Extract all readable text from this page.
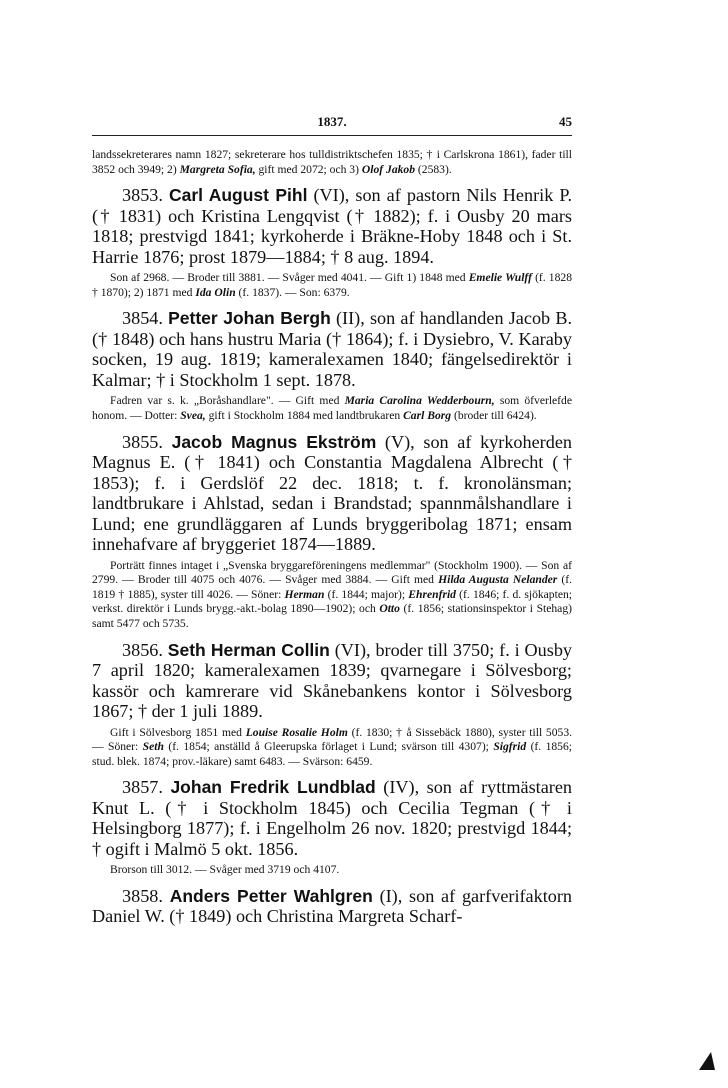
1837.	45

landssekreterares namn 1827; sekreterare hos tulldistriktschefen 1835; † i Carlskrona 1861), fader till 3852 och 3949; 2) Margreta Sofia, gift med 2072; och 3) Olof Jakob (2583).

3853. Carl August Pihl (VI), son af pastorn Nils Henrik P. († 1831) och Kristina Lengqvist († 1882); f. i Ousby 20 mars 1818; prestvigd 1841; kyrkoherde i Bräkne-Hoby 1848 och i St. Harrie 1876; prost 1879—1884; † 8 aug. 1894.

Son af 2968. — Broder till 3881. — Svåger med 4041. — Gift 1) 1848 med Emelie Wulff (f. 1828 † 1870); 2) 1871 med Ida Olin (f. 1837). — Son: 6379.

3854. Petter Johan Bergh (II), son af handlanden Jacob B. († 1848) och hans hustru Maria († 1864); f. i Dysiebro, V. Karaby socken, 19 aug. 1819; kameralexamen 1840; fängelsedirektör i Kalmar; † i Stockholm 1 sept. 1878.

Fadren var s. k. „Boråshandlare". — Gift med Maria Carolina Wedderbourn, som öfverlefde honom. — Dotter: Svea, gift i Stockholm 1884 med landtbrukaren Carl Borg (broder till 6424).

3855. Jacob Magnus Ekström (V), son af kyrkoherden Magnus E. († 1841) och Constantia Magdalena Albrecht († 1853); f. i Gerdslöf 22 dec. 1818; t. f. kronolänsman; landtbrukare i Ahlstad, sedan i Brandstad; spannmålshandlare i Lund; ene grundläggaren af Lunds bryggeribolag 1871; ensam innehafvare af bryggeriet 1874—1889.

Porträtt finnes intaget i „Svenska bryggareföreningens medlemmar" (Stockholm 1900). — Son af 2799. — Broder till 4075 och 4076. — Svåger med 3884. — Gift med Hilda Augusta Nelander (f. 1819 † 1885), syster till 4026. — Söner: Herman (f. 1844; major); Ehrenfrid (f. 1846; f. d. sjökapten; verkst. direktör i Lunds brygg.-akt.-bolag 1890—1902); och Otto (f. 1856; stationsinspektor i Stehag) samt 5477 och 5735.

3856. Seth Herman Collin (VI), broder till 3750; f. i Ousby 7 april 1820; kameralexamen 1839; qvarnegare i Sölvesborg; kassör och kamrerare vid Skånebankens kontor i Sölvesborg 1867; † der 1 juli 1889.

Gift i Sölvesborg 1851 med Louise Rosalie Holm (f. 1830; † å Sissebäck 1880), syster till 5053. — Söner: Seth (f. 1854; anställd å Gleerupska förlaget i Lund; svärson till 4307); Sigfrid (f. 1856; stud. blek. 1874; prov.-läkare) samt 6483. — Svärson: 6459.

3857. Johan Fredrik Lundblad (IV), son af ryttmästaren Knut L. († i Stockholm 1845) och Cecilia Tegman († i Helsingborg 1877); f. i Engelholm 26 nov. 1820; prestvigd 1844; † ogift i Malmö 5 okt. 1856.

Brorson till 3012. — Svåger med 3719 och 4107.

3858. Anders Petter Wahlgren (I), son af garfverifaktorn Daniel W. († 1849) och Christina Margreta Scharf-
